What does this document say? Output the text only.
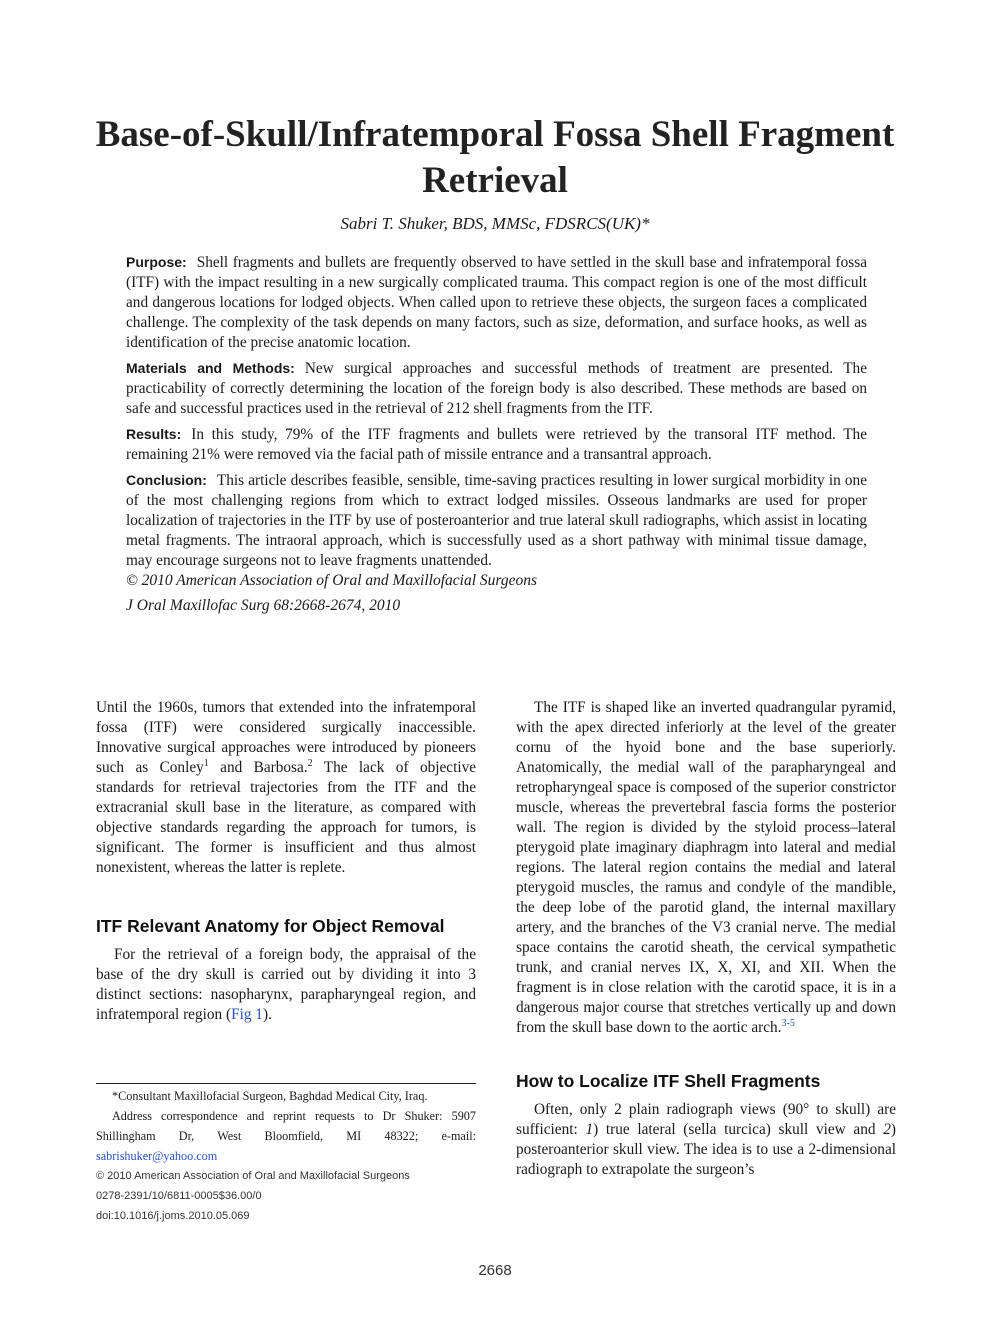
Base-of-Skull/Infratemporal Fossa Shell Fragment Retrieval
Sabri T. Shuker, BDS, MMSc, FDSRCS(UK)*

Purpose: Shell fragments and bullets are frequently observed to have settled in the skull base and infratemporal fossa (ITF) with the impact resulting in a new surgically complicated trauma. This compact region is one of the most difficult and dangerous locations for lodged objects. When called upon to retrieve these objects, the surgeon faces a complicated challenge. The complexity of the task depends on many factors, such as size, deformation, and surface hooks, as well as identification of the precise anatomic location.

Materials and Methods: New surgical approaches and successful methods of treatment are presented. The practicability of correctly determining the location of the foreign body is also described. These methods are based on safe and successful practices used in the retrieval of 212 shell fragments from the ITF.

Results: In this study, 79% of the ITF fragments and bullets were retrieved by the transoral ITF method. The remaining 21% were removed via the facial path of missile entrance and a transantral approach.

Conclusion: This article describes feasible, sensible, time-saving practices resulting in lower surgical morbidity in one of the most challenging regions from which to extract lodged missiles. Osseous landmarks are used for proper localization of trajectories in the ITF by use of posteroanterior and true lateral skull radiographs, which assist in locating metal fragments. The intraoral approach, which is successfully used as a short pathway with minimal tissue damage, may encourage surgeons not to leave fragments unattended.

© 2010 American Association of Oral and Maxillofacial Surgeons

J Oral Maxillofac Surg 68:2668-2674, 2010

Until the 1960s, tumors that extended into the infratemporal fossa (ITF) were considered surgically inaccessible. Innovative surgical approaches were introduced by pioneers such as Conley$^1$ and Barbosa.$^2$ The lack of objective standards for retrieval trajectories from the ITF and the extracranial skull base in the literature, as compared with objective standards regarding the approach for tumors, is significant. The former is insufficient and thus almost nonexistent, whereas the latter is replete.

ITF Relevant Anatomy for Object Removal

For the retrieval of a foreign body, the appraisal of the base of the dry skull is carried out by dividing it into 3 distinct sections: nasopharynx, parapharyngeal region, and infratemporal region (Fig 1).

The ITF is shaped like an inverted quadrangular pyramid, with the apex directed inferiorly at the level of the greater cornu of the hyoid bone and the base superiorly. Anatomically, the medial wall of the parapharyngeal and retropharyngeal space is composed of the superior constrictor muscle, whereas the prevertebral fascia forms the posterior wall. The region is divided by the styloid process–lateral pterygoid plate imaginary diaphragm into lateral and medial regions. The lateral region contains the medial and lateral pterygoid muscles, the ramus and condyle of the mandible, the deep lobe of the parotid gland, the internal maxillary artery, and the branches of the V3 cranial nerve. The medial space contains the carotid sheath, the cervical sympathetic trunk, and cranial nerves IX, X, XI, and XII. When the fragment is in close relation with the carotid space, it is in a dangerous major course that stretches vertically up and down from the skull base down to the aortic arch.$^{3-5}$

How to Localize ITF Shell Fragments

Often, only 2 plain radiograph views (90° to skull) are sufficient: 1) true lateral (sella turcica) skull view and 2) posteroanterior skull view. The idea is to use a 2-dimensional radiograph to extrapolate the surgeon’s

*Consultant Maxillofacial Surgeon, Baghdad Medical City, Iraq.

Address correspondence and reprint requests to Dr Shuker: 5907 Shillingham Dr, West Bloomfield, MI 48322; e-mail: sabrishuker@yahoo.com

© 2010 American Association of Oral and Maxillofacial Surgeons

0278-2391/10/6811-0005$36.00/0

doi:10.1016/j.joms.2010.05.069

2668
